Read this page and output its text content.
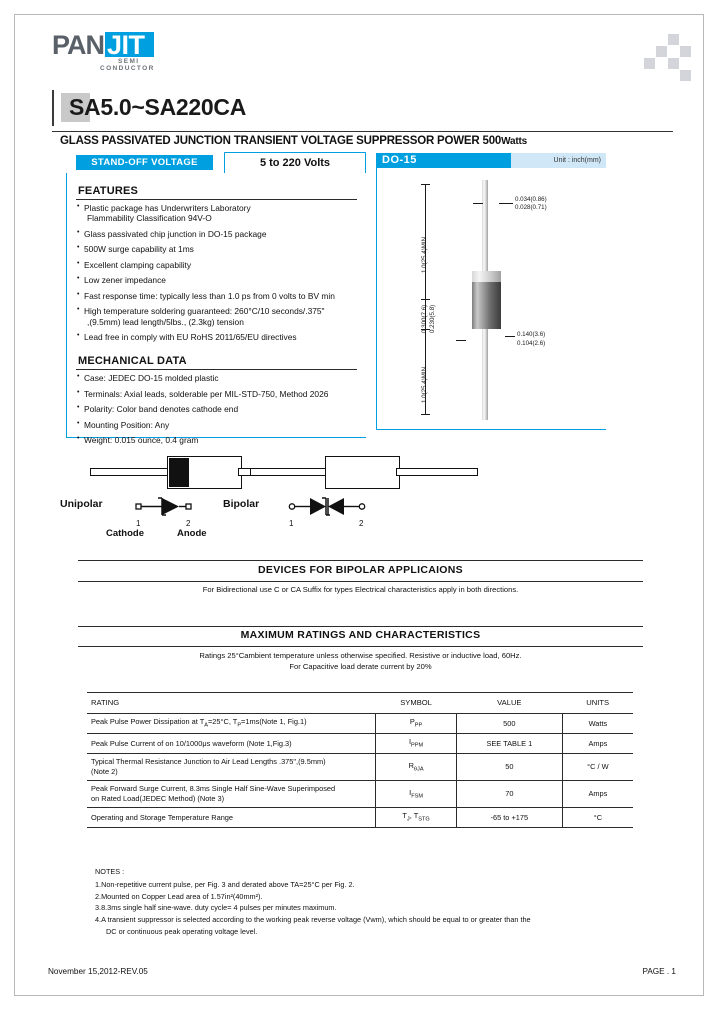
PAN JIT
SEMI
CONDUCTOR
SA5.0~SA220CA
GLASS PASSIVATED JUNCTION TRANSIENT VOLTAGE SUPPRESSOR POWER 500Watts
STAND-OFF VOLTAGE	5 to 220 Volts
FEATURES
• Plastic package has Underwriters Laboratory
Flammability Classification 94V-O
• Glass passivated chip junction in DO-15 package
• 500W surge capability at 1ms
• Excellent clamping capability
• Low zener impedance
• Fast response time: typically less than 1.0 ps from 0 volts to BV min
• High temperature soldering guaranteed: 260°C/10 seconds/.375"
,(9.5mm) lead length/5lbs., (2.3kg) tension
• Lead free in comply with EU RoHS 2011/65/EU directives
MECHANICAL DATA
• Case: JEDEC DO-15 molded plastic
• Terminals: Axial leads, solderable per MIL-STD-750, Method 2026
• Polarity: Color band denotes cathode end
• Mounting Position: Any
• Weight: 0.015 ounce, 0.4 gram
DO-15	Unit : inch(mm)
1.0(25.4)MIN.
0.300(7.6) 0.230(5.8)
1.0(25.4)MIN.
0.034(0.86)
0.028(0.71)
0.140(3.6)
0.104(2.6)
Unipolar
1	2
Cathode	Anode
Bipolar
1	2
DEVICES FOR BIPOLAR APPLICAIONS
For Bidirectional use C or CA Suffix for types Electrical characteristics apply in both directions.
MAXIMUM RATINGS AND CHARACTERISTICS
Ratings 25°Cambient temperature unless otherwise specified. Resistive or inductive load, 60Hz.
For Capacitive load derate current by 20%
RATING	SYMBOL	VALUE	UNITS
Peak Pulse Power Dissipation at $T_A=25^\circ C$, $T_P=1ms(Note$ 1, Fig.1)	$P_{PP}$	500	Watts
Peak Pulse Current of on 10/1000μs waveform (Note 1,Fig.3)	$I_{PPM}$	SEE TABLE 1	Amps
Typical Thermal Resistance Junction to Air Lead Lengths .375",(9.5mm)
(Note 2)	$R_{\theta JA}$	50	°C / W
Peak Forward Surge Current, 8.3ms Single Half Sine-Wave Superimposed
on Rated Load(JEDEC Method) (Note 3)	$I_{FSM}$	70	Amps
Operating and Storage Temperature Range	$T_J$, $T_{STG}$	-65 to +175	°C
NOTES :
1.Non-repetitive current pulse, per Fig. 3 and derated above TA=25°C per Fig. 2.
2.Mounted on Copper Lead area of 1.57in²(40mm²).
3.8.3ms single half sine-wave. duty cycle= 4 pulses per minutes maximum.
4.A transient suppressor is selected according to the working peak reverse voltage (Vwm), which should be equal to or greater than the
DC or continuous peak operating voltage level.
November 15,2012-REV.05	PAGE . 1
